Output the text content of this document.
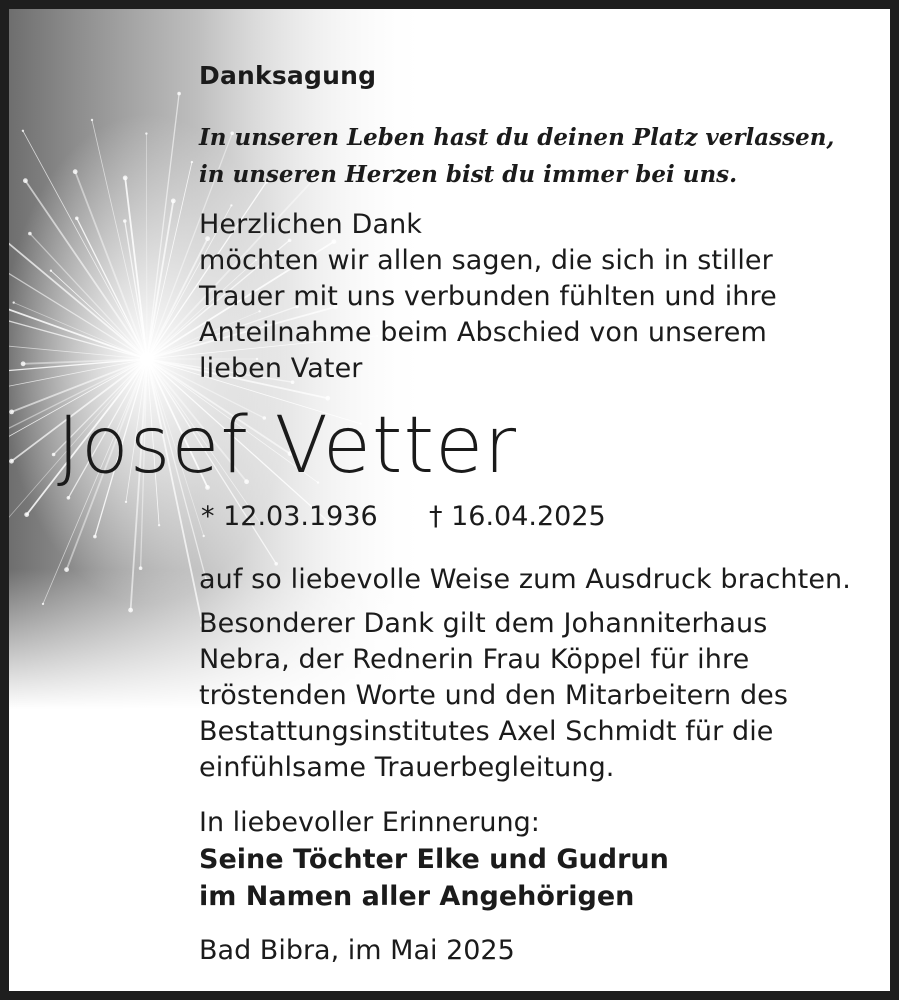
Danksagung
In unseren Leben hast du deinen Platz verlassen,
in unseren Herzen bist du immer bei uns.
Herzlichen Dank
möchten wir allen sagen, die sich in stiller
Trauer mit uns verbunden fühlten und ihre
Anteilnahme beim Abschied von unserem
lieben Vater
Josef Vetter
* 12.03.1936 † 16.04.2025
auf so liebevolle Weise zum Ausdruck brachten.
Besonderer Dank gilt dem Johanniterhaus
Nebra, der Rednerin Frau Köppel für ihre
tröstenden Worte und den Mitarbeitern des
Bestattungsinstitutes Axel Schmidt für die
einfühlsame Trauerbegleitung.
In liebevoller Erinnerung:
Seine Töchter Elke und Gudrun
im Namen aller Angehörigen
Bad Bibra, im Mai 2025
